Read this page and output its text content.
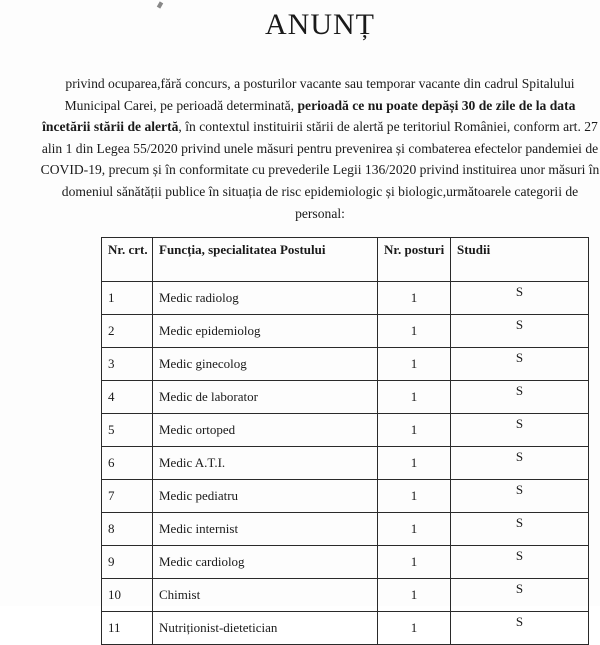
ANUNȚ

privind ocuparea,fără concurs, a posturilor vacante sau temporar vacante din cadrul Spitalului Municipal Carei, pe perioadă determinată, perioadă ce nu poate depăși 30 de zile de la data încetării stării de alertă, în contextul instituirii stării de alertă pe teritoriul României, conform art. 27 alin 1 din Legea 55/2020 privind unele măsuri pentru prevenirea și combaterea efectelor pandemiei de COVID-19, precum și în conformitate cu prevederile Legii 136/2020 privind instituirea unor măsuri în domeniul sănătății publice în situația de risc epidemiologic și biologic,următoarele categorii de personal:

Nr. crt.	Funcția, specialitatea Postului	Nr. posturi	Studii
1	Medic radiolog	1	S
2	Medic epidemiolog	1	S
3	Medic ginecolog	1	S
4	Medic de laborator	1	S
5	Medic ortoped	1	S
6	Medic A.T.I.	1	S
7	Medic pediatru	1	S
8	Medic internist	1	S
9	Medic cardiolog	1	S
10	Chimist	1	S
11	Nutriționist-dietetician	1	S
